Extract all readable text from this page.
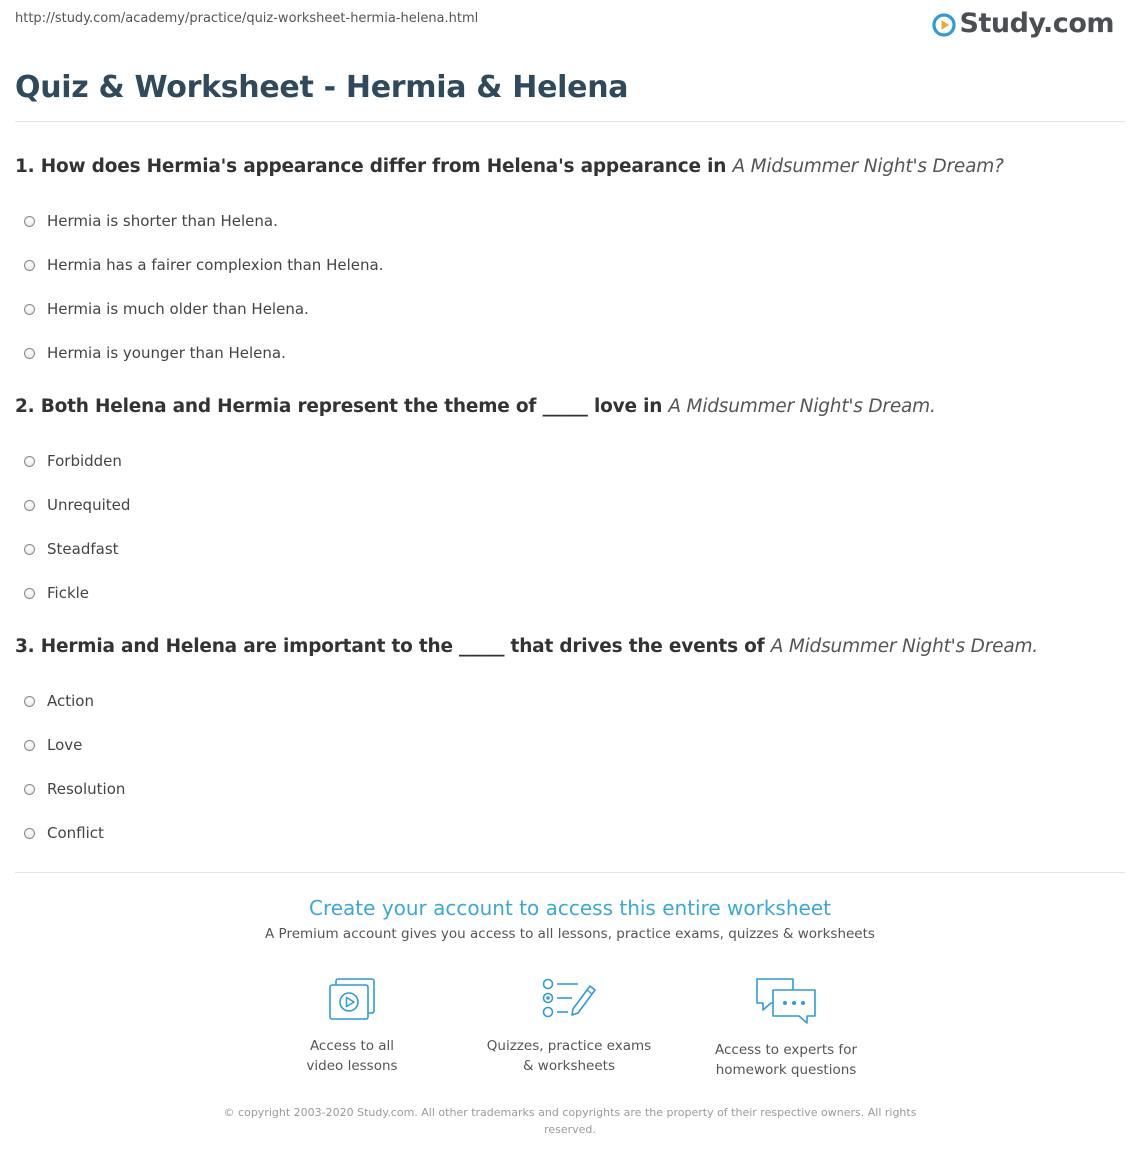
http://study.com/academy/practice/quiz-worksheet-hermia-helena.html	Study.com
Quiz & Worksheet - Hermia & Helena

1. How does Hermia's appearance differ from Helena's appearance in A Midsummer Night's Dream?

Hermia is shorter than Helena.
Hermia has a fairer complexion than Helena.
Hermia is much older than Helena.
Hermia is younger than Helena.

2. Both Helena and Hermia represent the theme of _____ love in A Midsummer Night's Dream.

Forbidden
Unrequited
Steadfast
Fickle

3. Hermia and Helena are important to the _____ that drives the events of A Midsummer Night's Dream.

Action
Love
Resolution
Conflict
Create your account to access this entire worksheet

A Premium account gives you access to all lessons, practice exams, quizzes & worksheets

Access to all
video lessons
Quizzes, practice exams
& worksheets
Access to experts for
homework questions
© copyright 2003-2020 Study.com. All other trademarks and copyrights are the property of their respective owners. All rights reserved.
